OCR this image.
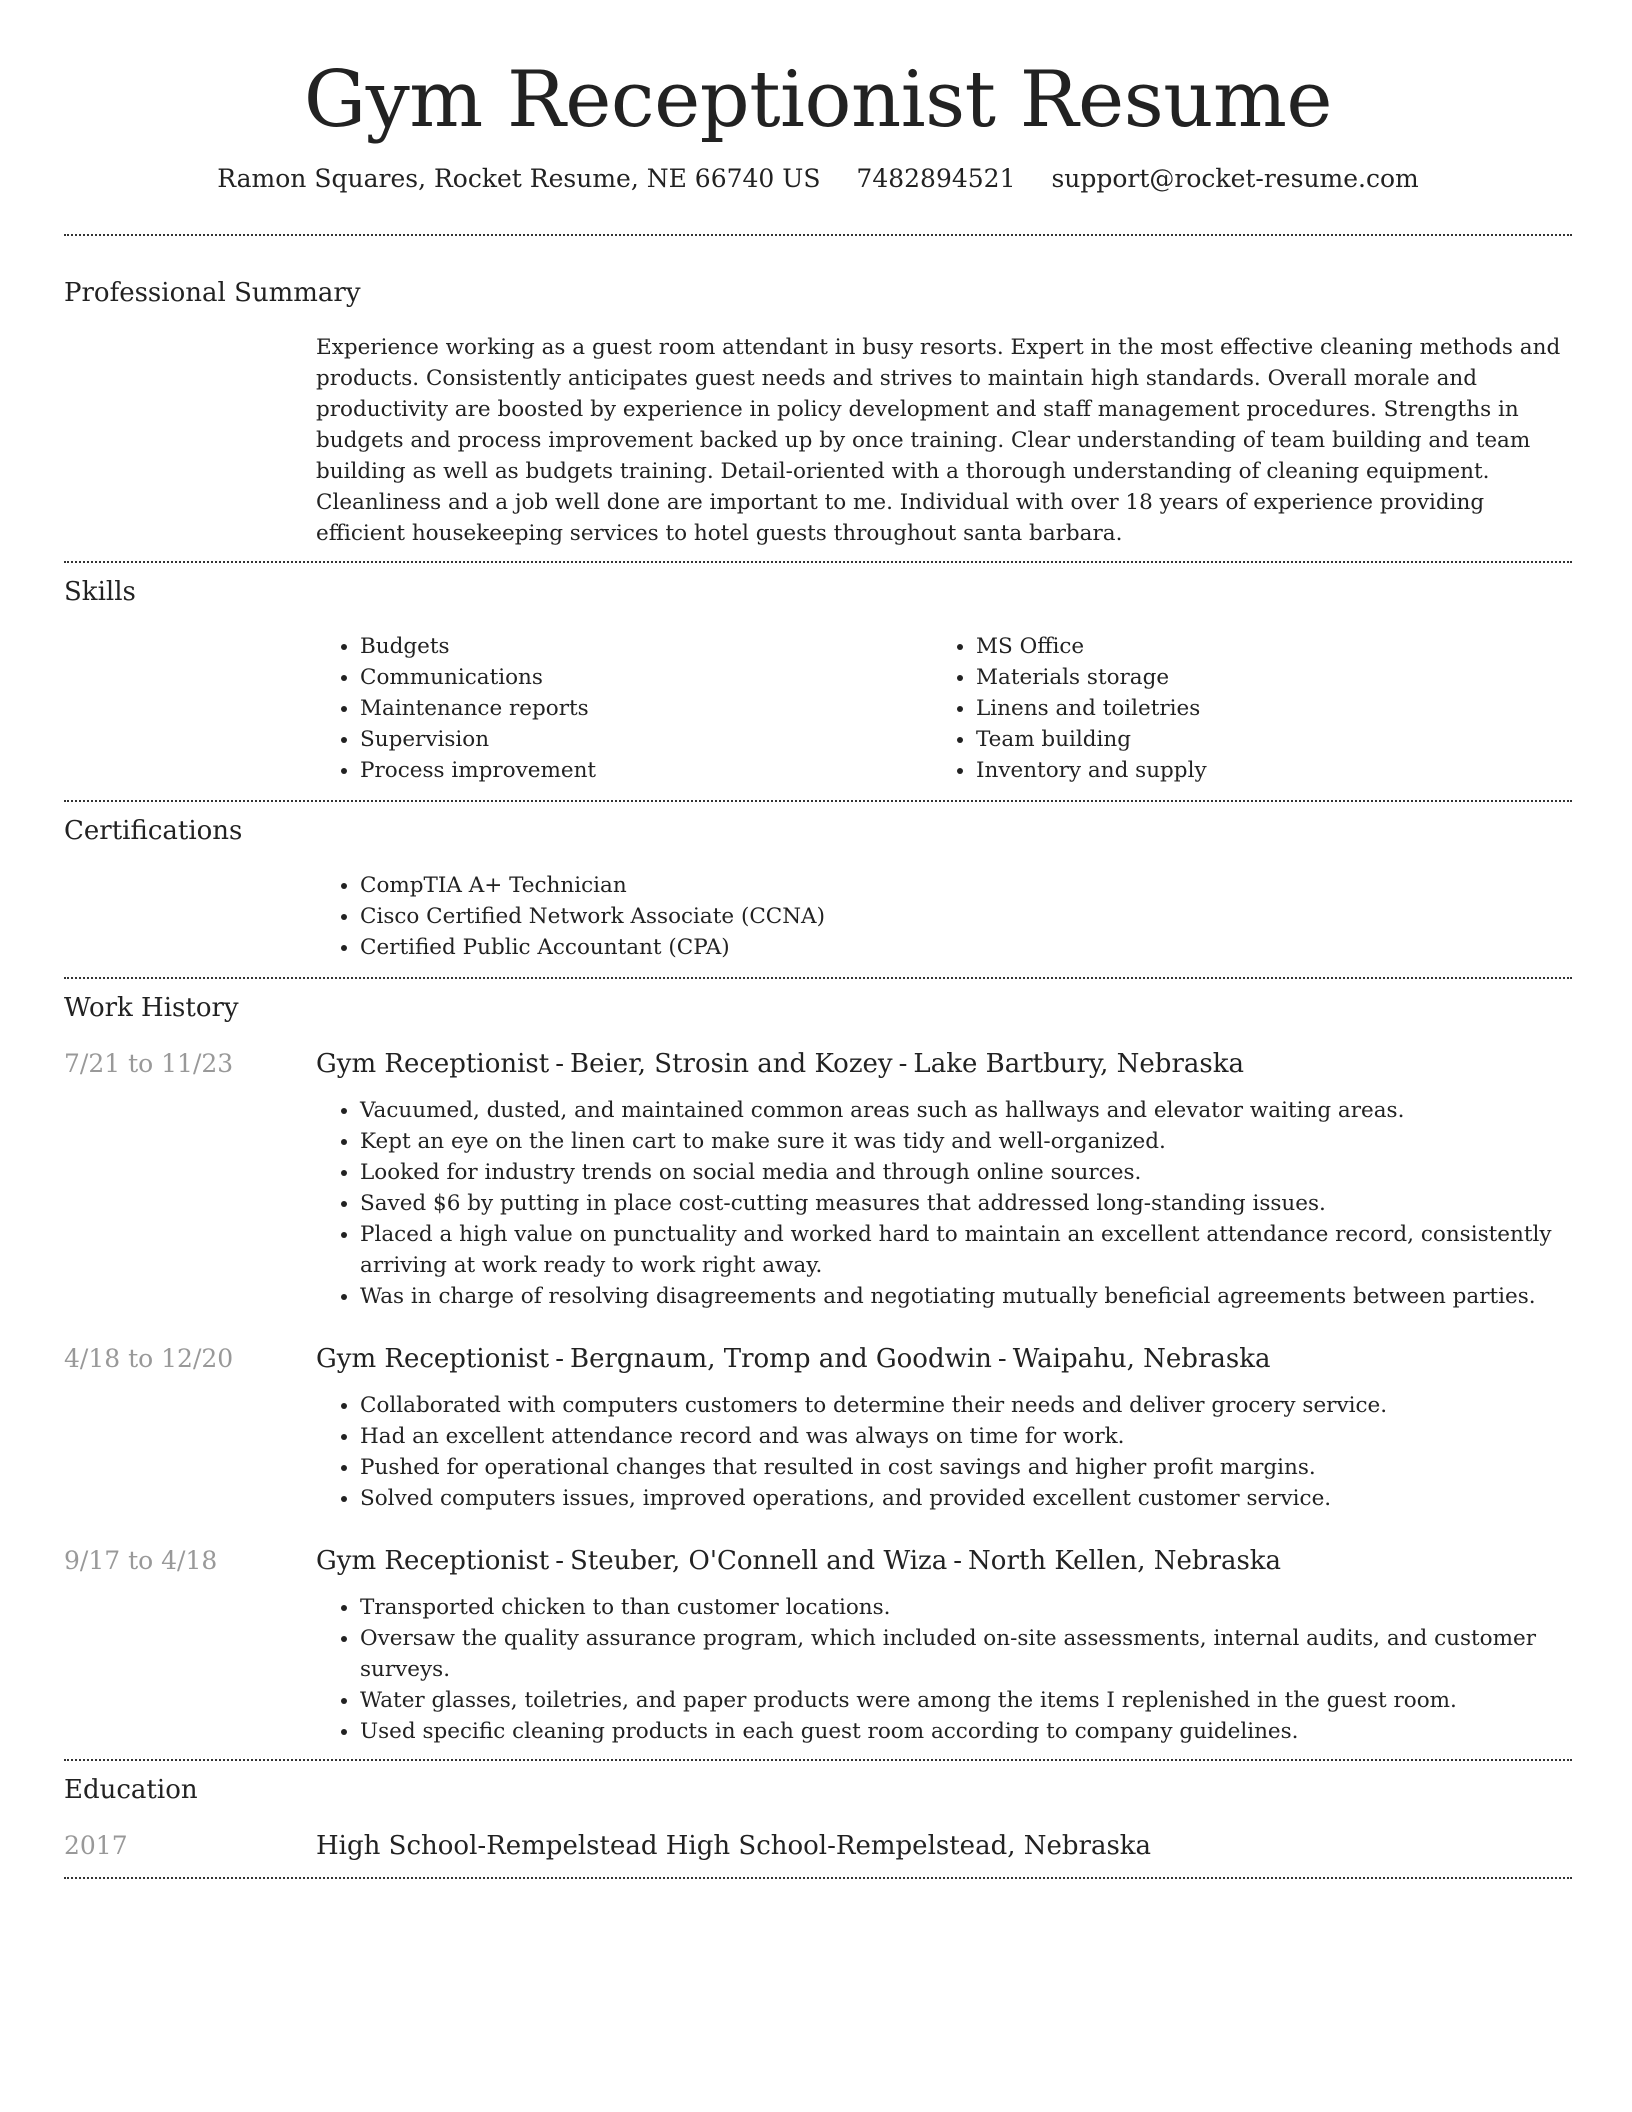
Gym Receptionist Resume
Ramon Squares, Rocket Resume, NE 66740 US 7482894521 support@rocket-resume.com
Professional Summary

Experience working as a guest room attendant in busy resorts. Expert in the most effective cleaning methods and products. Consistently anticipates guest needs and strives to maintain high standards. Overall morale and productivity are boosted by experience in policy development and staff management procedures. Strengths in budgets and process improvement backed up by once training. Clear understanding of team building and team building as well as budgets training. Detail-oriented with a thorough understanding of cleaning equipment. Cleanliness and a job well done are important to me. Individual with over 18 years of experience providing efficient housekeeping services to hotel guests throughout santa barbara.

Skills
• Budgets
• Communications
• Maintenance reports
• Supervision
• Process improvement
• MS Office
• Materials storage
• Linens and toiletries
• Team building
• Inventory and supply
Certifications
• CompTIA A+ Technician
• Cisco Certified Network Associate (CCNA)
• Certified Public Accountant (CPA)
Work History
7/21 to 11/23	Gym Receptionist - Beier, Strosin and Kozey - Lake Bartbury, Nebraska
• Vacuumed, dusted, and maintained common areas such as hallways and elevator waiting areas.
• Kept an eye on the linen cart to make sure it was tidy and well-organized.
• Looked for industry trends on social media and through online sources.
• Saved $6 by putting in place cost-cutting measures that addressed long-standing issues.
• Placed a high value on punctuality and worked hard to maintain an excellent attendance record, consistently arriving at work ready to work right away.
• Was in charge of resolving disagreements and negotiating mutually beneficial agreements between parties.
4/18 to 12/20	Gym Receptionist - Bergnaum, Tromp and Goodwin - Waipahu, Nebraska
• Collaborated with computers customers to determine their needs and deliver grocery service.
• Had an excellent attendance record and was always on time for work.
• Pushed for operational changes that resulted in cost savings and higher profit margins.
• Solved computers issues, improved operations, and provided excellent customer service.
9/17 to 4/18	Gym Receptionist - Steuber, O'Connell and Wiza - North Kellen, Nebraska
• Transported chicken to than customer locations.
• Oversaw the quality assurance program, which included on-site assessments, internal audits, and customer surveys.
• Water glasses, toiletries, and paper products were among the items I replenished in the guest room.
• Used specific cleaning products in each guest room according to company guidelines.
Education
2017	High School-Rempelstead High School-Rempelstead, Nebraska
